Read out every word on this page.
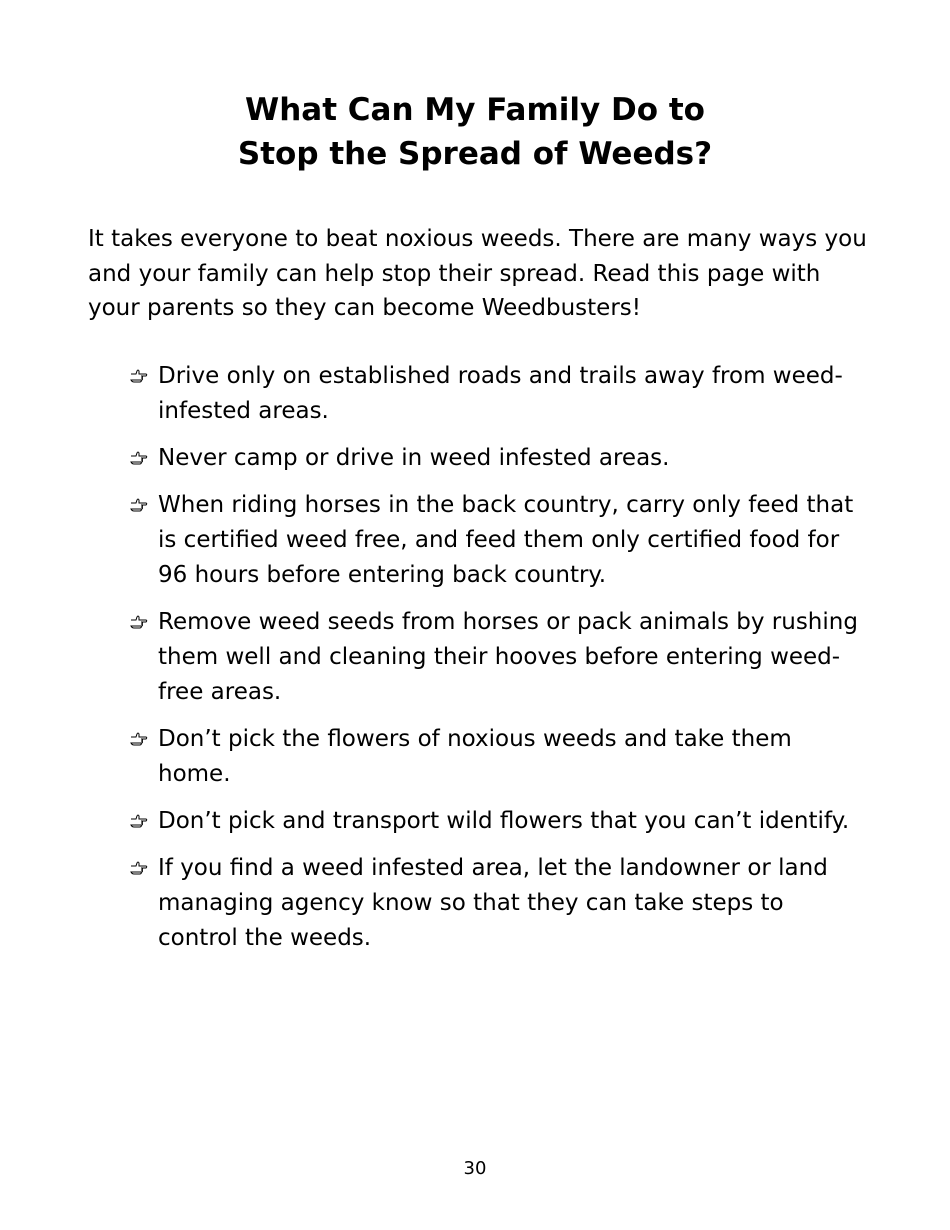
What Can My Family Do to
Stop the Spread of Weeds?

It takes everyone to beat noxious weeds. There are many ways you and your family can help stop their spread. Read this page with your parents so they can become Weedbusters!

Drive only on established roads and trails away from weed-infested areas.
Never camp or drive in weed infested areas.
When riding horses in the back country, carry only feed that is certified weed free, and feed them only certified food for 96 hours before entering back country.
Remove weed seeds from horses or pack animals by rushing them well and cleaning their hooves before entering weed-free areas.
Don’t pick the flowers of noxious weeds and take them home.
Don’t pick and transport wild flowers that you can’t identify.
If you find a weed infested area, let the landowner or land managing agency know so that they can take steps to control the weeds.

30
